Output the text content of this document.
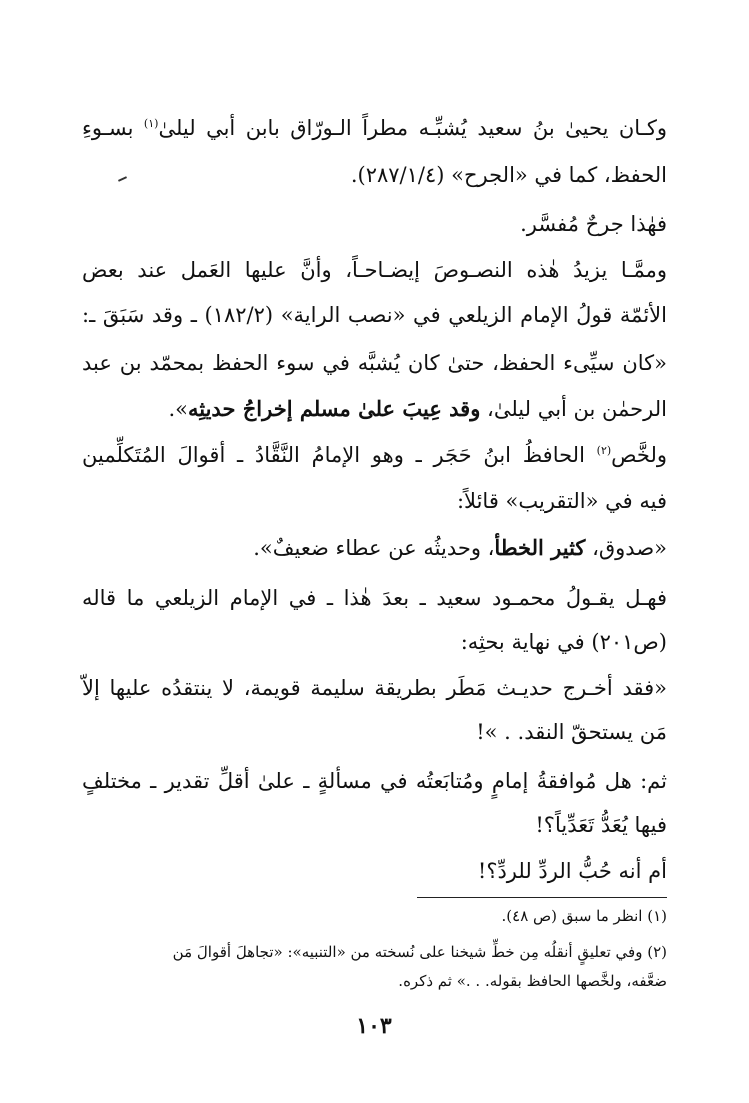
وكـان يحيىٰ بنُ سعيد يُشبِّـه مطراً الـورّاق بابن أبي ليلىٰ$^{(١)}$ بسـوءِ
الحفظ، كما في «الجرح» (٢٨٧/١/٤).
فهٰذا جرحٌ مُفسَّر.
وممَّـا يزيدُ هٰذه النصـوصَ إيضـاحـاً، وأنَّ عليها العَمل عند بعض
الأئمّة قولُ الإمام الزيلعي في «نصب الراية» (١٨٢/٢) ـ وقد سَبَقَ ـ:
«كان سيِّىء الحفظ، حتىٰ كان يُشبَّه في سوء الحفظ بمحمّد بن عبد
الرحمٰن بن أبي ليلىٰ، وقد عِيبَ علىٰ مسلم إخراجُ حديثِه».
ولخَّص$^{(٢)}$ الحافظُ ابنُ حَجَر ـ وهو الإمامُ النَّقَّادُ ـ أقوالَ المُتَكلِّمين
فيه في «التقريب» قائلاً:
«صدوق، كثير الخطأ، وحديثُه عن عطاء ضعيفٌ».
فهـل يقـولُ محمـود سعيد ـ بعدَ هٰذا ـ في الإمام الزيلعي ما قاله
(ص٢٠١) في نهاية بحثِه:
«فقد أخـرج حديـث مَطَر بطريقة سليمة قويمة، لا ينتقدُه عليها إلاّ
مَن يستحقّ النقد. . »!
ثم: هل مُوافقةُ إمامٍ ومُتابَعتُه في مسألةٍ ـ علىٰ أقلِّ تقدير ـ مختلفٍ
فيها يُعَدُّ تَعَدِّياً؟!
أم أنه حُبُّ الردِّ للردِّ؟!
(١) انظر ما سبق (ص ٤٨).
(٢) وفي تعليقٍ أنقلُه مِن خطِّ شيخنا على نُسخته من «التنبيه»: «تجاهلَ أقوالَ مَن
ضعَّفه، ولخَّصها الحافظ بقوله. . .» ثم ذكره.
١٠٣
